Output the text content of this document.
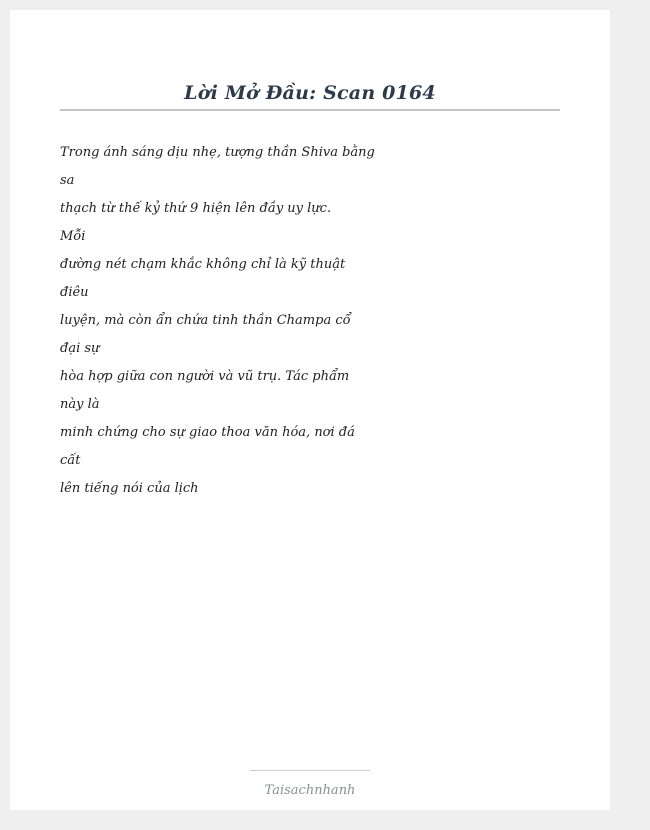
Lời Mở Đầu: Scan 0164
Trong ánh sáng dịu nhẹ, tượng thần Shiva bằng
sa
thạch từ thế kỷ thứ 9 hiện lên đầy uy lực.
Mỗi
đường nét chạm khắc không chỉ là kỹ thuật
điêu
luyện, mà còn ẩn chứa tinh thần Champa cổ
đại sự
hòa hợp giữa con người và vũ trụ. Tác phẩm
này là
minh chứng cho sự giao thoa văn hóa, nơi đá
cất
lên tiếng nói của lịch
Taisachnhanh
